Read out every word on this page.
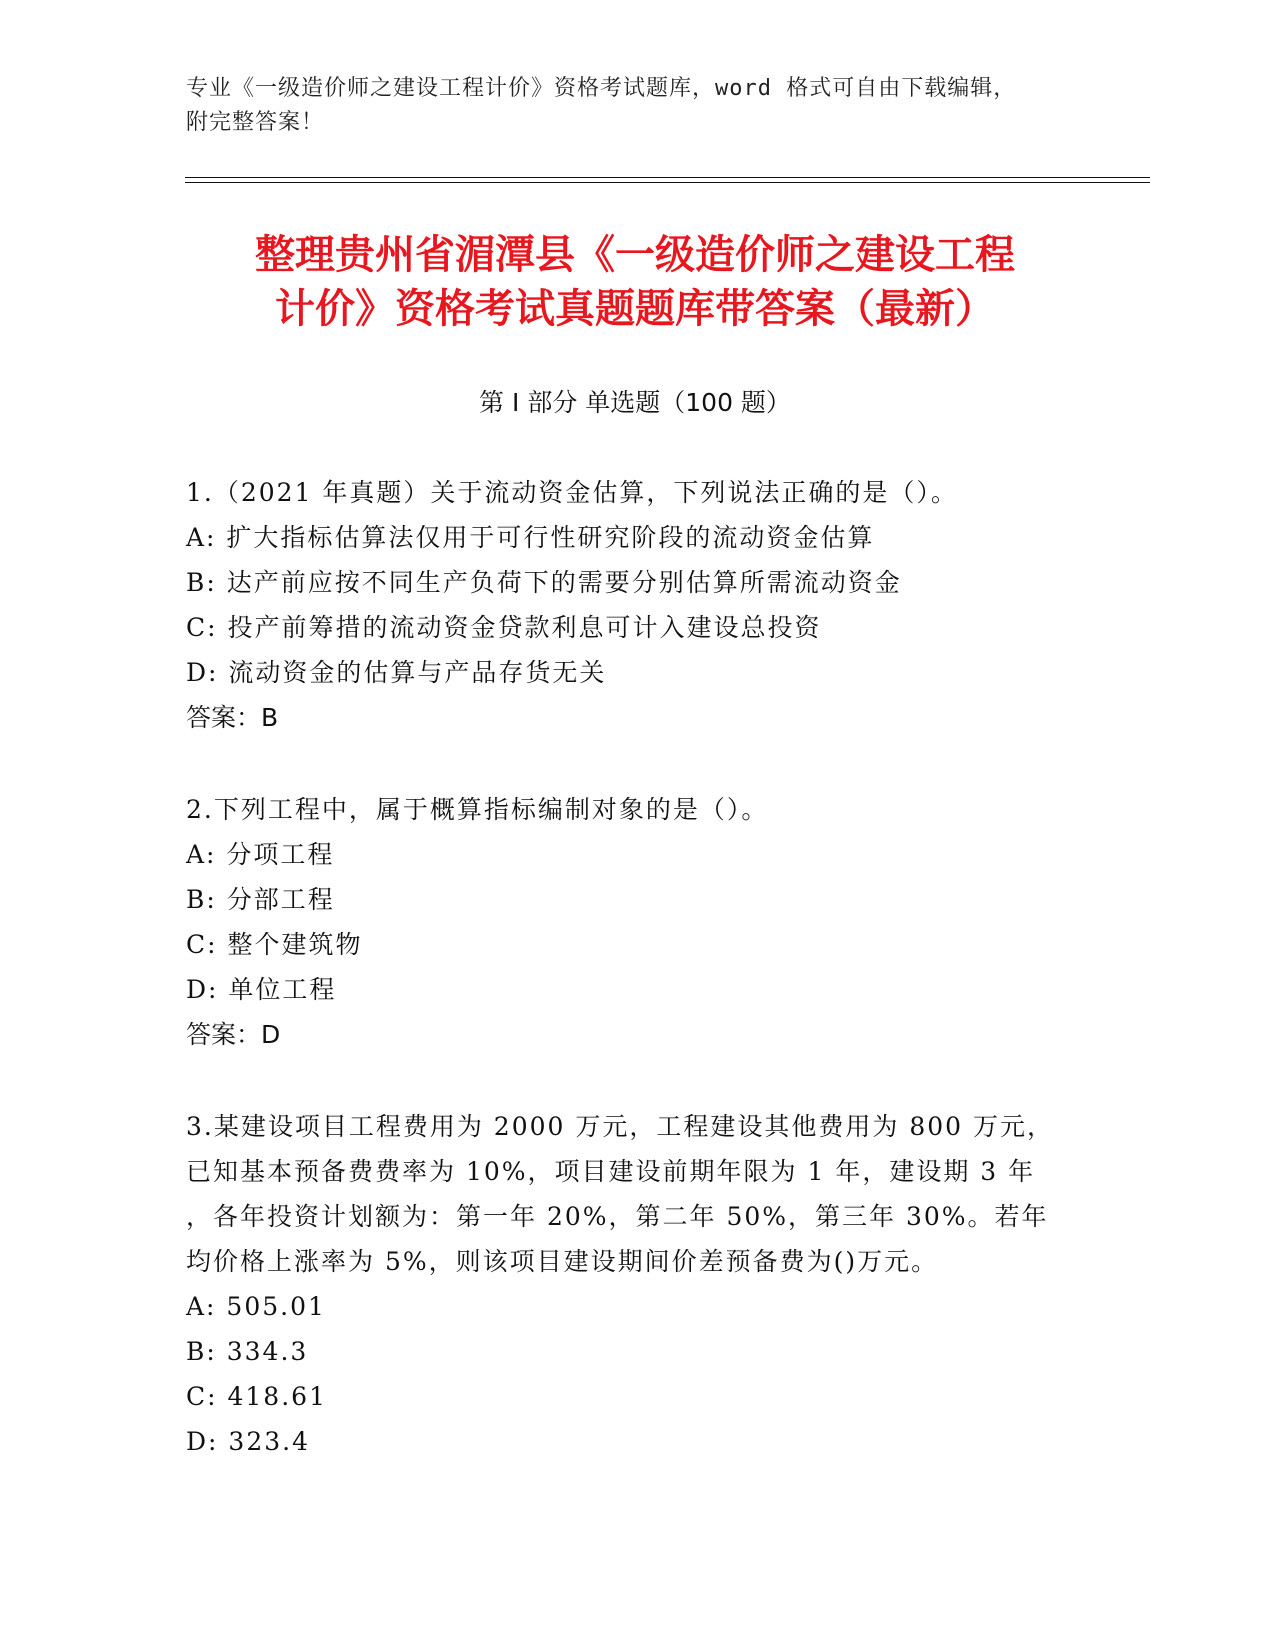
专业《一级造价师之建设工程计价》资格考试题库，word 格式可自由下载编辑，
附完整答案！
整理贵州省湄潭县《一级造价师之建设工程
计价》资格考试真题题库带答案（最新）
第 I 部分 单选题（100 题）
1.（2021 年真题）关于流动资金估算，下列说法正确的是（）。
A: 扩大指标估算法仅用于可行性研究阶段的流动资金估算
B: 达产前应按不同生产负荷下的需要分别估算所需流动资金
C: 投产前筹措的流动资金贷款利息可计入建设总投资
D: 流动资金的估算与产品存货无关
答案：B
2.下列工程中，属于概算指标编制对象的是（）。
A: 分项工程
B: 分部工程
C: 整个建筑物
D: 单位工程
答案：D
3.某建设项目工程费用为 2000 万元，工程建设其他费用为 800 万元，
已知基本预备费费率为 10%，项目建设前期年限为 1 年，建设期 3 年
，各年投资计划额为：第一年 20%，第二年 50%，第三年 30%。若年
均价格上涨率为 5%，则该项目建设期间价差预备费为()万元。
A: 505.01
B: 334.3
C: 418.61
D: 323.4
